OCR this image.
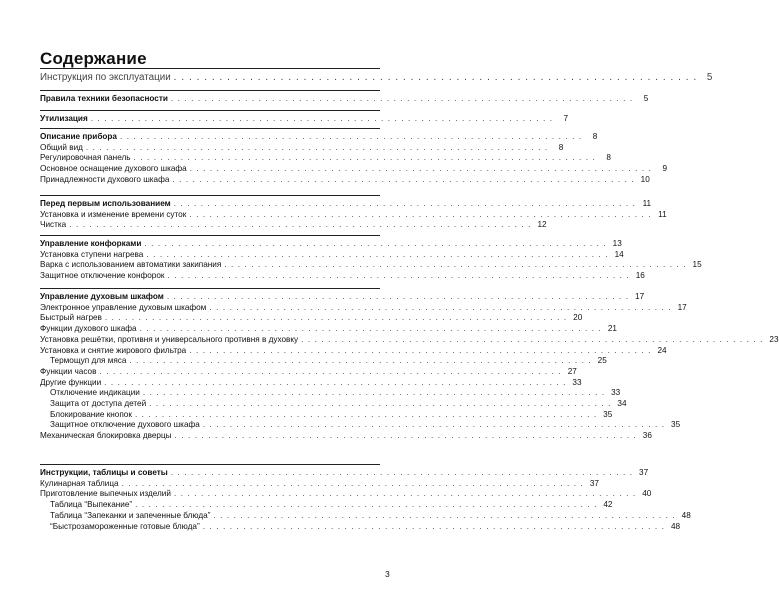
Содержание
3
Инструкция по эксплуатации . . . . . . . . . . . . . . . . . . . . . . . . . . . . . . . . . . . . . . . . . . . . . . . . . . . . . . . . . . . . . . . . . . . . . 5
Правила техники безопасности . . . . . . . . . . . . . . . . . . . . . . . . . . . . . . . . . . . . . . . . . . . . . . . . . . . . . . . . . . . . . . . . . . . . .	5
Утилизация . . . . . . . . . . . . . . . . . . . . . . . . . . . . . . . . . . . . . . . . . . . . . . . . . . . . . . . . . . . . . . . . . . . . .	7
Описание прибора . . . . . . . . . . . . . . . . . . . . . . . . . . . . . . . . . . . . . . . . . . . . . . . . . . . . . . . . . . . . . . . . . . . . .	8
Общий вид . . . . . . . . . . . . . . . . . . . . . . . . . . . . . . . . . . . . . . . . . . . . . . . . . . . . . . . . . . . . . . . . . . . . .	8
Регулировочная панель . . . . . . . . . . . . . . . . . . . . . . . . . . . . . . . . . . . . . . . . . . . . . . . . . . . . . . . . . . . . . . . . . . . . .	8
Основное оснащение духового шкафа . . . . . . . . . . . . . . . . . . . . . . . . . . . . . . . . . . . . . . . . . . . . . . . . . . . . . . . . . . . . . . . . . . . . .	9
Принадлежности духового шкафа . . . . . . . . . . . . . . . . . . . . . . . . . . . . . . . . . . . . . . . . . . . . . . . . . . . . . . . . . . . . . . . . . . . . . 10
Перед первым использованием . . . . . . . . . . . . . . . . . . . . . . . . . . . . . . . . . . . . . . . . . . . . . . . . . . . . . . . . . . . . . . . . . . . . . 11
Установка и изменение времени суток . . . . . . . . . . . . . . . . . . . . . . . . . . . . . . . . . . . . . . . . . . . . . . . . . . . . . . . . . . . . . . . . . . . . . 11
Чистка . . . . . . . . . . . . . . . . . . . . . . . . . . . . . . . . . . . . . . . . . . . . . . . . . . . . . . . . . . . . . . . . . . . . . 12
Управление конфорками . . . . . . . . . . . . . . . . . . . . . . . . . . . . . . . . . . . . . . . . . . . . . . . . . . . . . . . . . . . . . . . . . . . . . 13
Установка ступени нагрева . . . . . . . . . . . . . . . . . . . . . . . . . . . . . . . . . . . . . . . . . . . . . . . . . . . . . . . . . . . . . . . . . . . . . 14
Варка с использованием автоматики закипания . . . . . . . . . . . . . . . . . . . . . . . . . . . . . . . . . . . . . . . . . . . . . . . . . . . . . . . . . . . . . . . . . . . . . 15
Защитное отключение конфорок . . . . . . . . . . . . . . . . . . . . . . . . . . . . . . . . . . . . . . . . . . . . . . . . . . . . . . . . . . . . . . . . . . . . . 16
Управление духовым шкафом . . . . . . . . . . . . . . . . . . . . . . . . . . . . . . . . . . . . . . . . . . . . . . . . . . . . . . . . . . . . . . . . . . . . . 17
Электронное управление духовым шкафом . . . . . . . . . . . . . . . . . . . . . . . . . . . . . . . . . . . . . . . . . . . . . . . . . . . . . . . . . . . . . . . . . . . . . 17
Быстрый нагрев . . . . . . . . . . . . . . . . . . . . . . . . . . . . . . . . . . . . . . . . . . . . . . . . . . . . . . . . . . . . . . . . . . . . . 20
Функции духового шкафа . . . . . . . . . . . . . . . . . . . . . . . . . . . . . . . . . . . . . . . . . . . . . . . . . . . . . . . . . . . . . . . . . . . . . 21
Установка решётки, противня и универсального противня в духовку . . . . . . . . . . . . . . . . . . . . . . . . . . . . . . . . . . . . . . . . . . . . . . . . . . . . . . . . . . . . . . . . . . . . . 23
Установка и снятие жирового фильтра . . . . . . . . . . . . . . . . . . . . . . . . . . . . . . . . . . . . . . . . . . . . . . . . . . . . . . . . . . . . . . . . . . . . . 24
Термощуп для мяса . . . . . . . . . . . . . . . . . . . . . . . . . . . . . . . . . . . . . . . . . . . . . . . . . . . . . . . . . . . . . . . . . . . . . 25
Функции часов . . . . . . . . . . . . . . . . . . . . . . . . . . . . . . . . . . . . . . . . . . . . . . . . . . . . . . . . . . . . . . . . . . . . . 27
Другие функции . . . . . . . . . . . . . . . . . . . . . . . . . . . . . . . . . . . . . . . . . . . . . . . . . . . . . . . . . . . . . . . . . . . . . 33
Отключение индикации . . . . . . . . . . . . . . . . . . . . . . . . . . . . . . . . . . . . . . . . . . . . . . . . . . . . . . . . . . . . . . . . . . . . . 33
Защита от доступа детей . . . . . . . . . . . . . . . . . . . . . . . . . . . . . . . . . . . . . . . . . . . . . . . . . . . . . . . . . . . . . . . . . . . . . 34
Блокирование кнопок . . . . . . . . . . . . . . . . . . . . . . . . . . . . . . . . . . . . . . . . . . . . . . . . . . . . . . . . . . . . . . . . . . . . . 35
Защитное отключение духового шкафа . . . . . . . . . . . . . . . . . . . . . . . . . . . . . . . . . . . . . . . . . . . . . . . . . . . . . . . . . . . . . . . . . . . . . 35
Механическая блокировка дверцы . . . . . . . . . . . . . . . . . . . . . . . . . . . . . . . . . . . . . . . . . . . . . . . . . . . . . . . . . . . . . . . . . . . . . 36
Инструкции, таблицы и советы . . . . . . . . . . . . . . . . . . . . . . . . . . . . . . . . . . . . . . . . . . . . . . . . . . . . . . . . . . . . . . . . . . . . . 37
Кулинарная таблица . . . . . . . . . . . . . . . . . . . . . . . . . . . . . . . . . . . . . . . . . . . . . . . . . . . . . . . . . . . . . . . . . . . . . 37
Приготовление выпечных изделий . . . . . . . . . . . . . . . . . . . . . . . . . . . . . . . . . . . . . . . . . . . . . . . . . . . . . . . . . . . . . . . . . . . . . 40
Таблица “Выпекание” . . . . . . . . . . . . . . . . . . . . . . . . . . . . . . . . . . . . . . . . . . . . . . . . . . . . . . . . . . . . . . . . . . . . . 42
Таблица “Запеканки и запеченные блюда” . . . . . . . . . . . . . . . . . . . . . . . . . . . . . . . . . . . . . . . . . . . . . . . . . . . . . . . . . . . . . . . . . . . . . 48
“Быстрозамороженные готовые блюда” . . . . . . . . . . . . . . . . . . . . . . . . . . . . . . . . . . . . . . . . . . . . . . . . . . . . . . . . . . . . . . . . . . . . . 48
